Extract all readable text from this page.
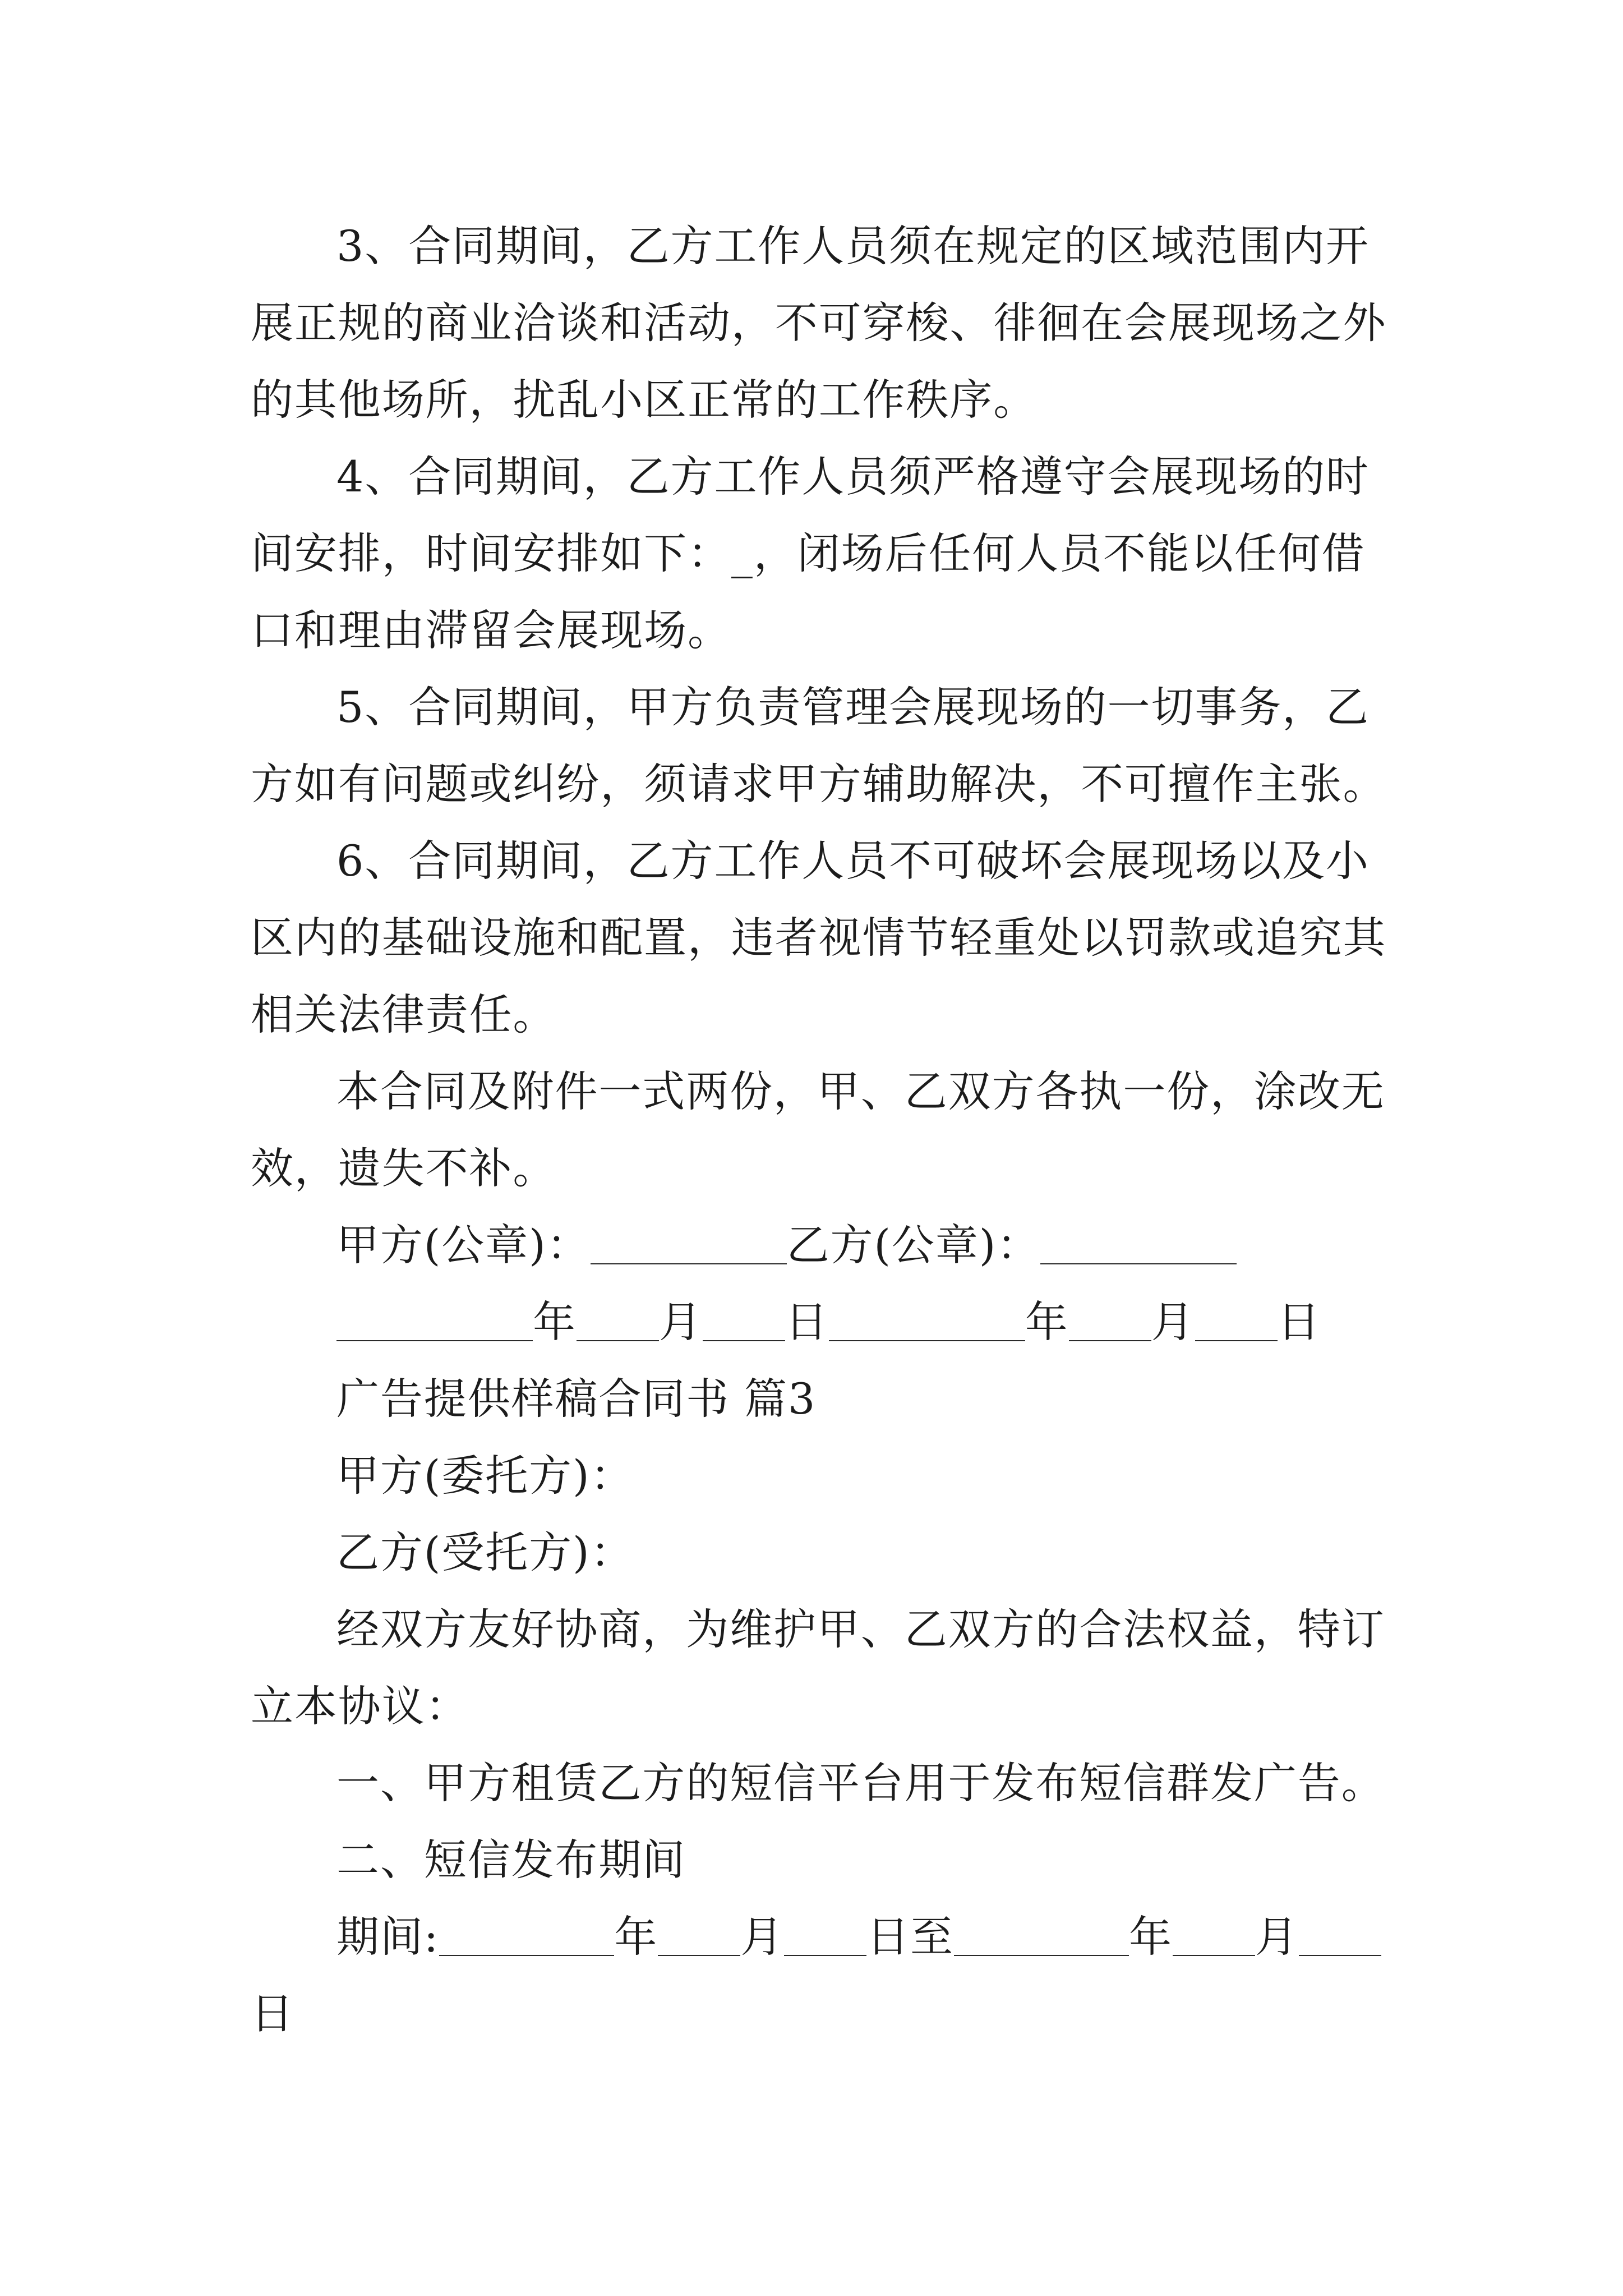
3、合同期间，乙方工作人员须在规定的区域范围内开
展正规的商业洽谈和活动，不可穿梭、徘徊在会展现场之外
的其他场所，扰乱小区正常的工作秩序。
4、合同期间，乙方工作人员须严格遵守会展现场的时
间安排，时间安排如下：_，闭场后任何人员不能以任何借
口和理由滞留会展现场。
5、合同期间，甲方负责管理会展现场的一切事务，乙
方如有问题或纠纷，须请求甲方辅助解决，不可擅作主张。
6、合同期间，乙方工作人员不可破坏会展现场以及小
区内的基础设施和配置，违者视情节轻重处以罚款或追究其
相关法律责任。
本合同及附件一式两份，甲、乙双方各执一份，涂改无
效，遗失不补。
甲方(公章)：	乙方(公章)：
年 月 日	年 月 日
广告提供样稿合同书 篇3
甲方(委托方)：
乙方(受托方)：
经双方友好协商，为维护甲、乙双方的合法权益，特订
立本协议：
一、甲方租赁乙方的短信平台用于发布短信群发广告。
二、短信发布期间
期间:	年 月 日至	年 月
日
